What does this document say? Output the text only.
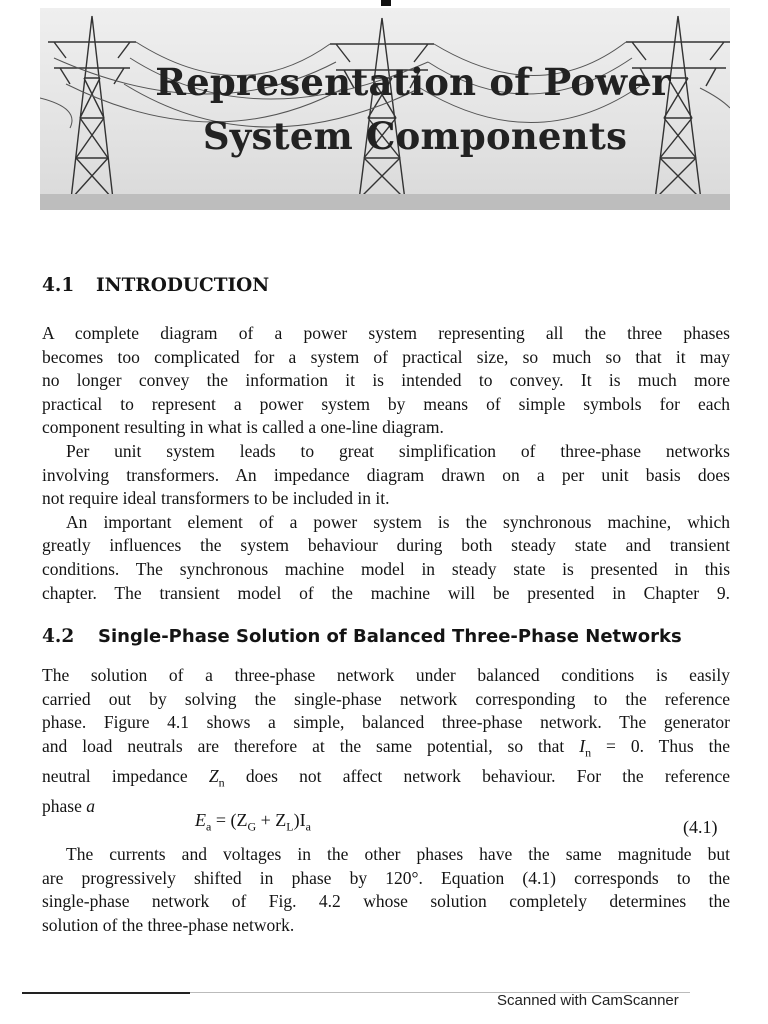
Representation of Power
System Components
4.1 INTRODUCTION
A complete diagram of a power system representing all the three phases
becomes too complicated for a system of practical size, so much so that it may
no longer convey the information it is intended to convey. It is much more
practical to represent a power system by means of simple symbols for each
component resulting in what is called a one-line diagram.
Per unit system leads to great simplification of three-phase networks
involving transformers. An impedance diagram drawn on a per unit basis does
not require ideal transformers to be included in it.
An important element of a power system is the synchronous machine, which
greatly influences the system behaviour during both steady state and transient
conditions. The synchronous machine model in steady state is presented in this
chapter. The transient model of the machine will be presented in Chapter 9.
4.2 Single-Phase Solution of Balanced Three-Phase Networks
The solution of a three-phase network under balanced conditions is easily
carried out by solving the single-phase network corresponding to the reference
phase. Figure 4.1 shows a simple, balanced three-phase network. The generator
and load neutrals are therefore at the same potential, so that $I_n = 0$. Thus the
neutral impedance $Z_n$ does not affect network behaviour. For the reference
phase a
$E_a = (Z_G + Z_L)I_a$	(4.1)
The currents and voltages in the other phases have the same magnitude but
are progressively shifted in phase by 120°. Equation (4.1) corresponds to the
single-phase network of Fig. 4.2 whose solution completely determines the
solution of the three-phase network.
Scanned with CamScanner
